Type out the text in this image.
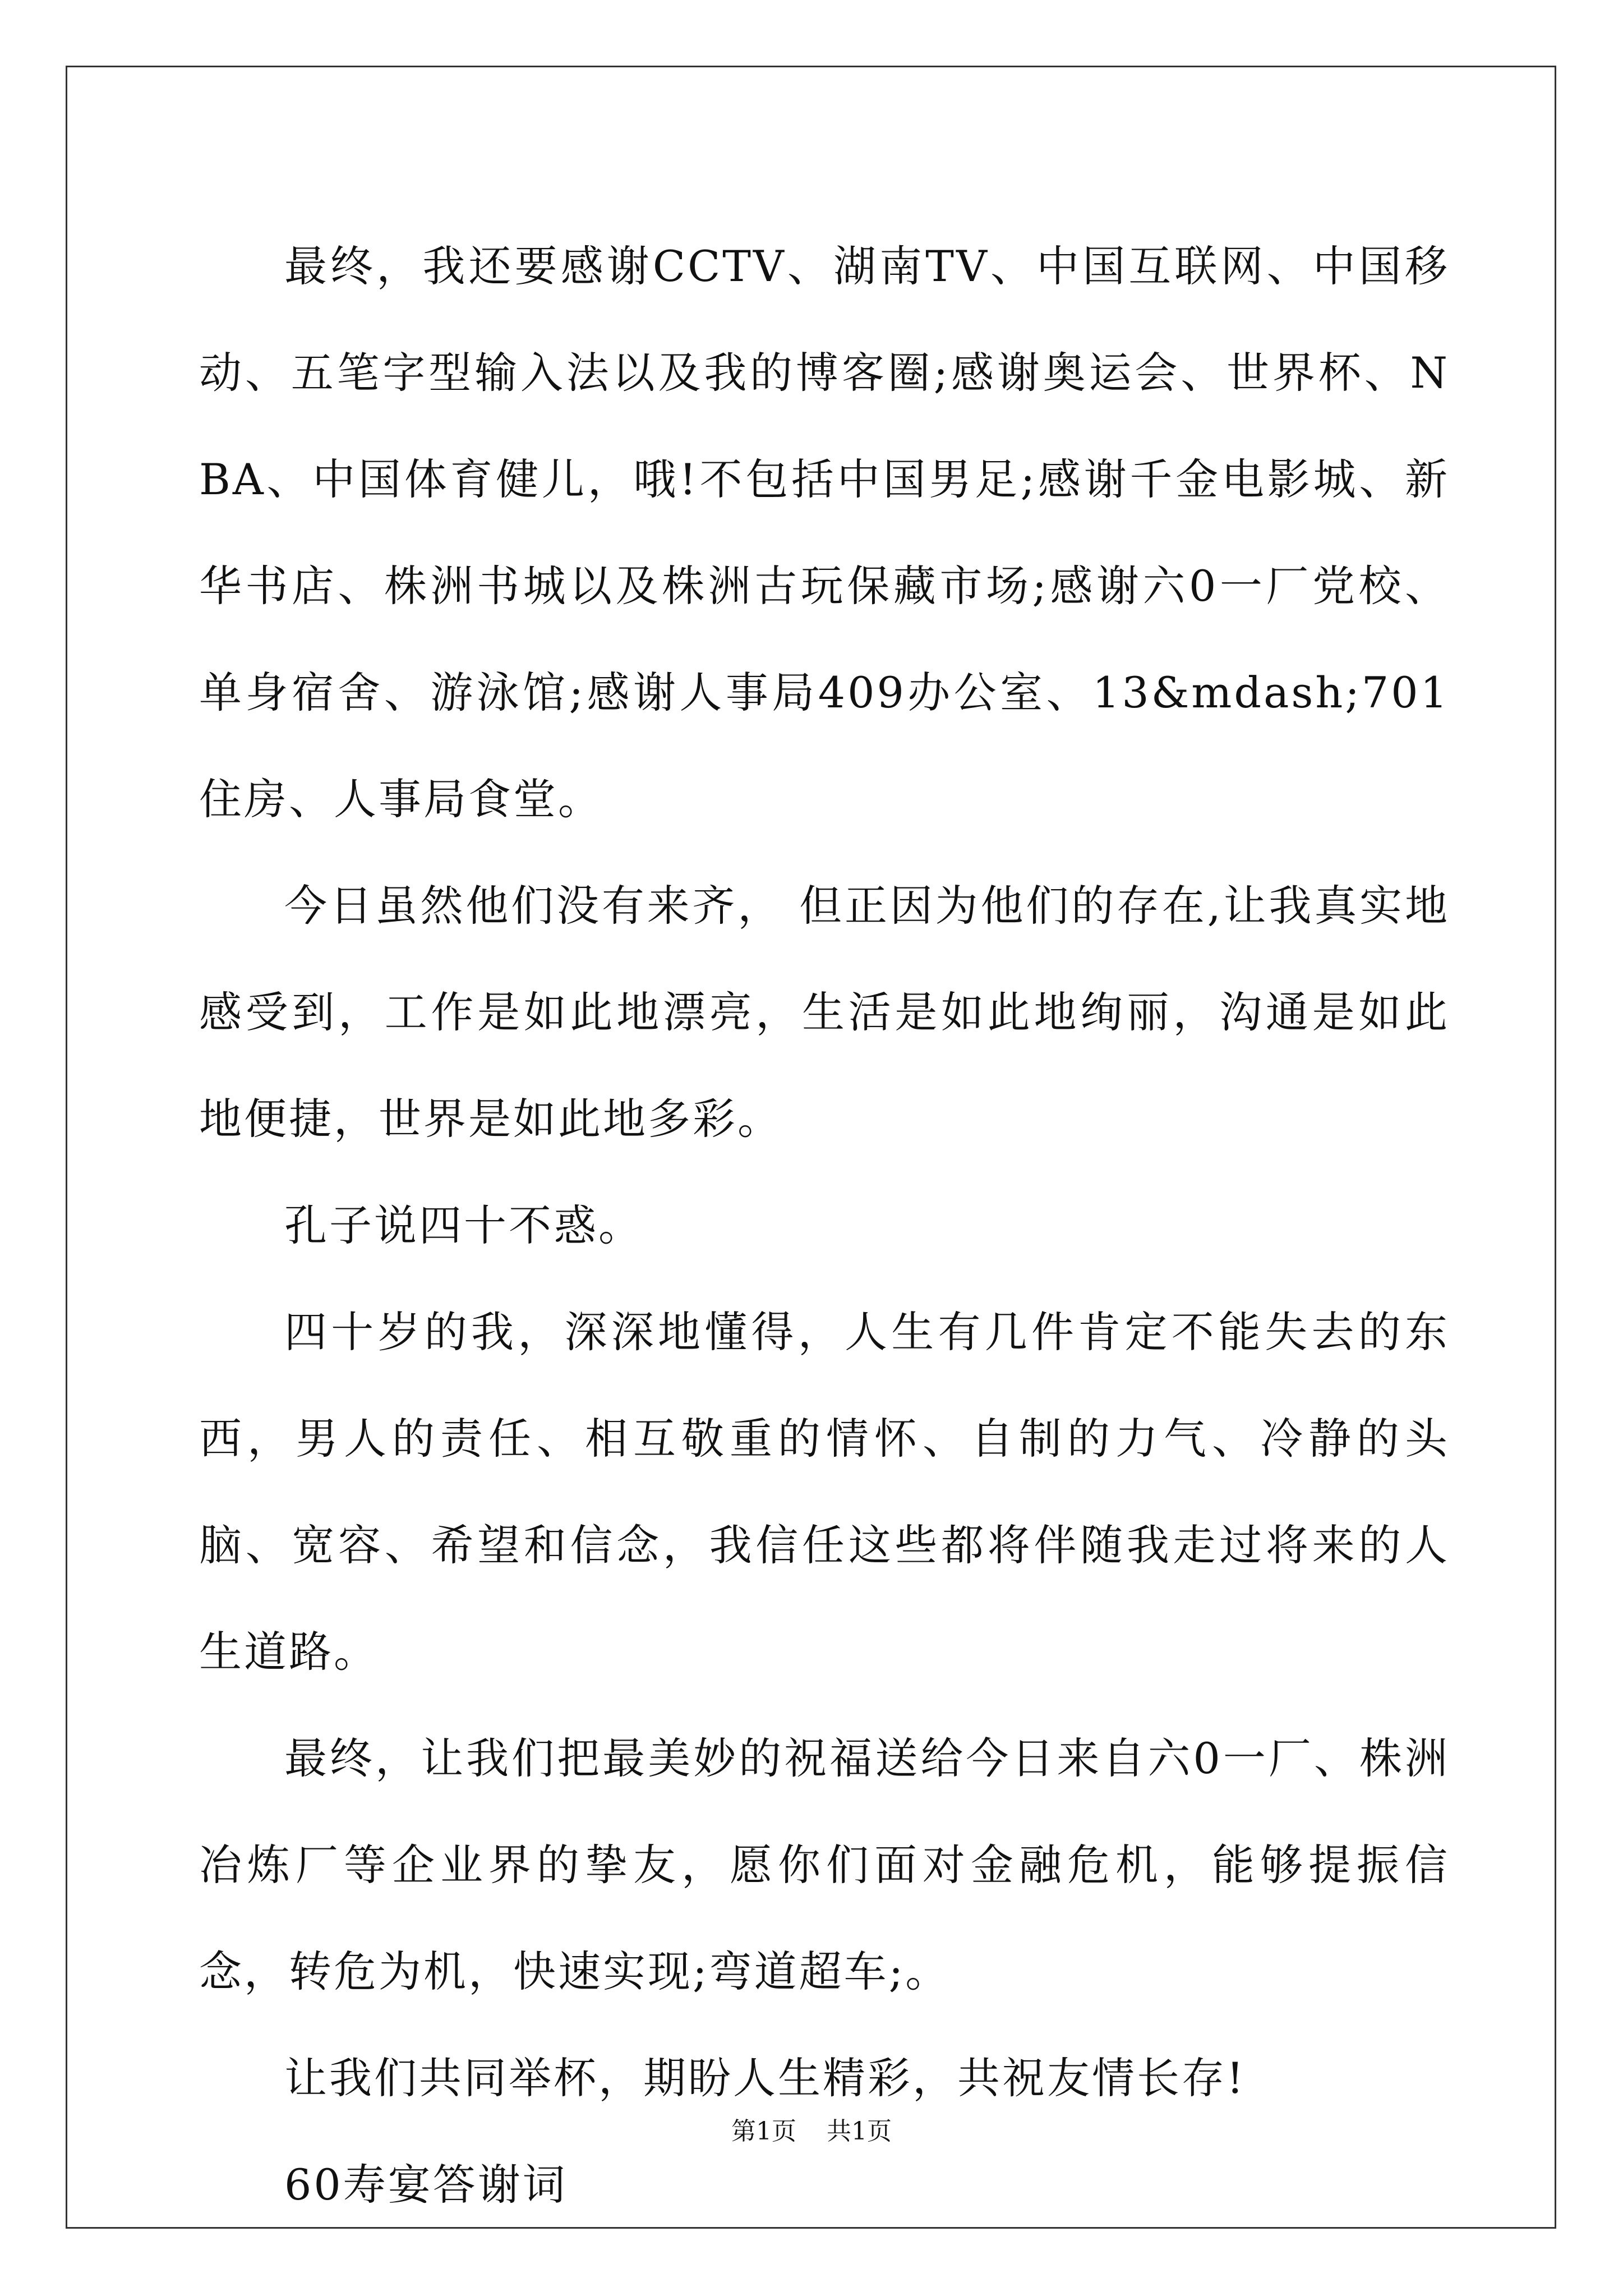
最终，我还要感谢CCTV、湖南TV、中国互联网、中国移动、五笔字型输入法以及我的博客圈;感谢奥运会、世界杯、NBA、中国体育健儿，哦!不包括中国男足;感谢千金电影城、新华书店、株洲书城以及株洲古玩保藏市场;感谢六0一厂党校、单身宿舍、游泳馆;感谢人事局409办公室、13&mdash;701住房、人事局食堂。

今日虽然他们没有来齐， 但正因为他们的存在,让我真实地感受到，工作是如此地漂亮，生活是如此地绚丽，沟通是如此地便捷，世界是如此地多彩。

孔子说四十不惑。

四十岁的我，深深地懂得，人生有几件肯定不能失去的东西，男人的责任、相互敬重的情怀、自制的力气、冷静的头脑、宽容、希望和信念，我信任这些都将伴随我走过将来的人生道路。

最终，让我们把最美妙的祝福送给今日来自六0一厂、株洲冶炼厂等企业界的挚友，愿你们面对金融危机，能够提振信念，转危为机，快速实现;弯道超车;。

让我们共同举杯，期盼人生精彩，共祝友情长存!

60寿宴答谢词

第1页 共1页
